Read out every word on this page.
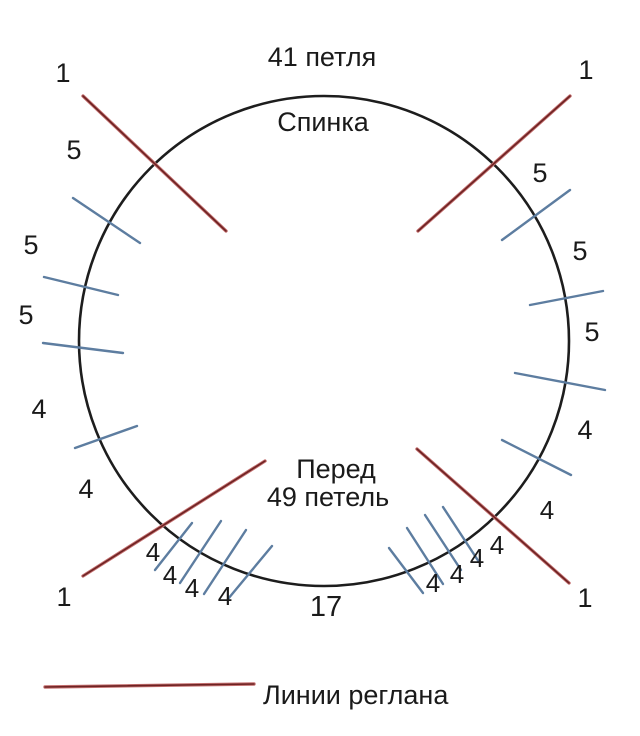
41 петля
Спинка
Перед
49 петель
17
1
5
5
5
4
4
4
4 4 4
1
1
5
5
5
4
4
4
4
4
4	1
Линии реглана
